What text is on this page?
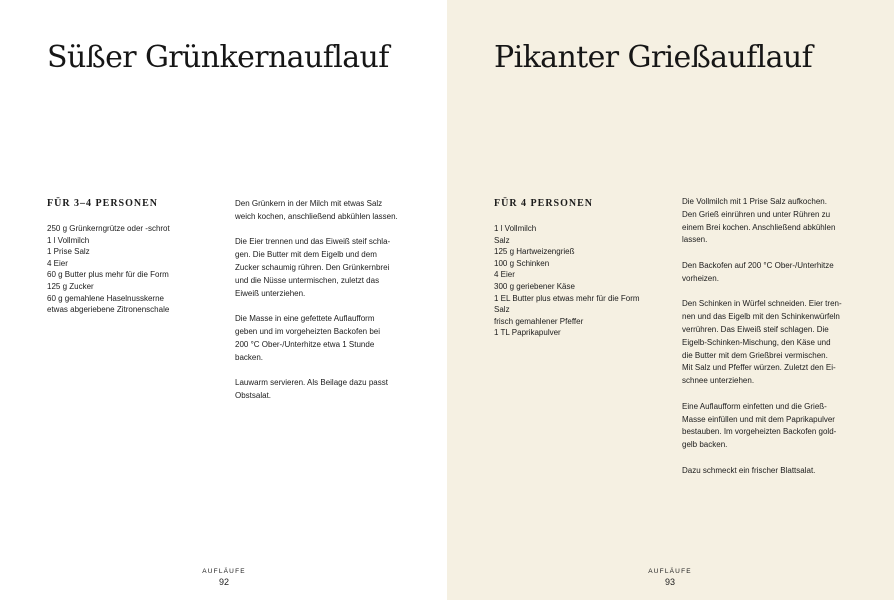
Süßer Grünkernauflauf
FÜR 3–4 PERSONEN
250 g Grünkerngrütze oder -schrot
1 l Vollmilch
1 Prise Salz
4 Eier
60 g Butter plus mehr für die Form
125 g Zucker
60 g gemahlene Haselnusskerne
etwas abgeriebene Zitronenschale

Den Grünkern in der Milch mit etwas Salz
weich kochen, anschließend abkühlen lassen.

Die Eier trennen und das Eiweiß steif schla-
gen. Die Butter mit dem Eigelb und dem
Zucker schaumig rühren. Den Grünkernbrei
und die Nüsse untermischen, zuletzt das
Eiweiß unterziehen.

Die Masse in eine gefettete Auflaufform
geben und im vorgeheizten Backofen bei
200 °C Ober-/Unterhitze etwa 1 Stunde
backen.

Lauwarm servieren. Als Beilage dazu passt
Obstsalat.

AUFLÄUFE
92
Pikanter Grießauflauf
FÜR 4 PERSONEN
1 l Vollmilch
Salz
125 g Hartweizengrieß
100 g Schinken
4 Eier
300 g geriebener Käse
1 EL Butter plus etwas mehr für die Form
Salz
frisch gemahlener Pfeffer
1 TL Paprikapulver

Die Vollmilch mit 1 Prise Salz aufkochen.
Den Grieß einrühren und unter Rühren zu
einem Brei kochen. Anschließend abkühlen
lassen.

Den Backofen auf 200 °C Ober-/Unterhitze
vorheizen.

Den Schinken in Würfel schneiden. Eier tren-
nen und das Eigelb mit den Schinkenwürfeln
verrühren. Das Eiweiß steif schlagen. Die
Eigelb-Schinken-Mischung, den Käse und
die Butter mit dem Grießbrei vermischen.
Mit Salz und Pfeffer würzen. Zuletzt den Ei-
schnee unterziehen.

Eine Auflaufform einfetten und die Grieß-
Masse einfüllen und mit dem Paprikapulver
bestauben. Im vorgeheizten Backofen gold-
gelb backen.

Dazu schmeckt ein frischer Blattsalat.

AUFLÄUFE
93
